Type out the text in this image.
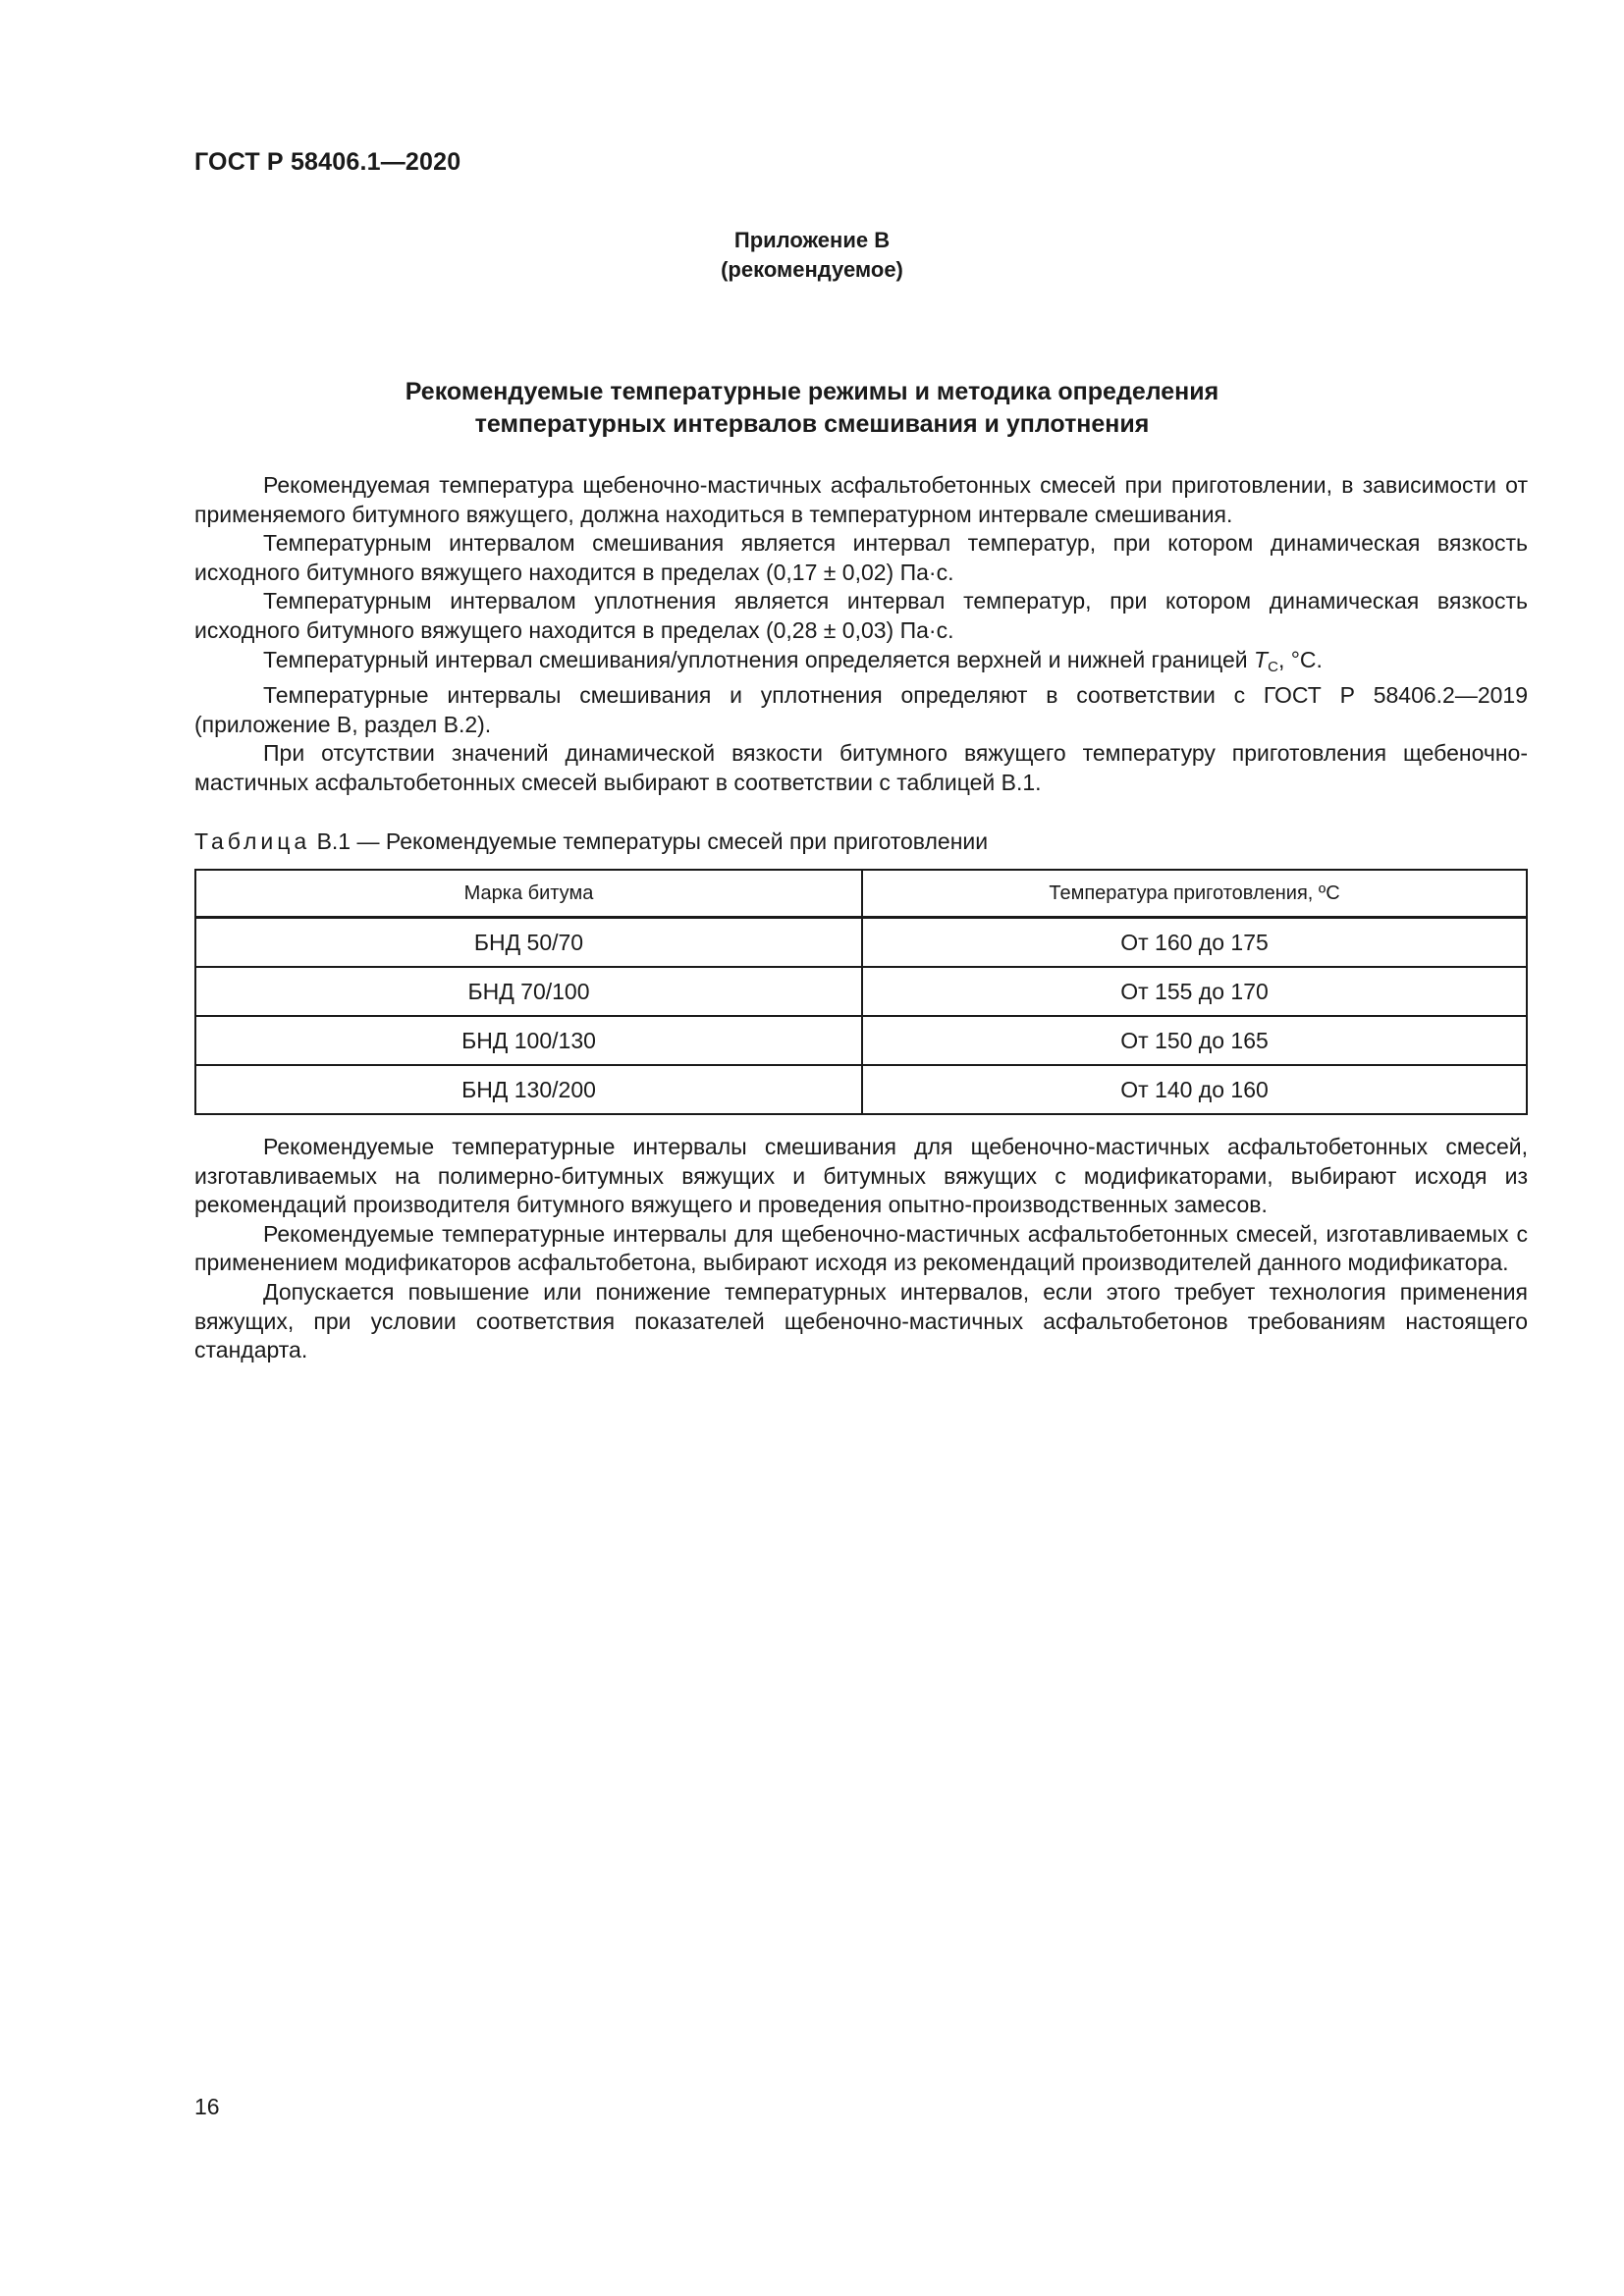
ГОСТ Р 58406.1—2020
Приложение В
(рекомендуемое)
Рекомендуемые температурные режимы и методика определения
температурных интервалов смешивания и уплотнения

Рекомендуемая температура щебеночно-мастичных асфальтобетонных смесей при приготовлении, в зависимости от применяемого битумного вяжущего, должна находиться в температурном интервале смешивания.

Температурным интервалом смешивания является интервал температур, при котором динамическая вязкость исходного битумного вяжущего находится в пределах (0,17 ± 0,02) Па·с.

Температурным интервалом уплотнения является интервал температур, при котором динамическая вязкость исходного битумного вяжущего находится в пределах (0,28 ± 0,03) Па·с.

Температурный интервал смешивания/уплотнения определяется верхней и нижней границей $T_C$, °С.

Температурные интервалы смешивания и уплотнения определяют в соответствии с ГОСТ Р 58406.2—2019 (приложение В, раздел В.2).

При отсутствии значений динамической вязкости битумного вяжущего температуру приготовления щебеночно-мастичных асфальтобетонных смесей выбирают в соответствии с таблицей В.1.

Таблица В.1 — Рекомендуемые температуры смесей при приготовлении
Марка битума	Температура приготовления, ºС
БНД 50/70	От 160 до 175
БНД 70/100	От 155 до 170
БНД 100/130	От 150 до 165
БНД 130/200	От 140 до 160

Рекомендуемые температурные интервалы смешивания для щебеночно-мастичных асфальтобетонных смесей, изготавливаемых на полимерно-битумных вяжущих и битумных вяжущих с модификаторами, выбирают исходя из рекомендаций производителя битумного вяжущего и проведения опытно-производственных замесов.

Рекомендуемые температурные интервалы для щебеночно-мастичных асфальтобетонных смесей, изготавливаемых с применением модификаторов асфальтобетона, выбирают исходя из рекомендаций производителей данного модификатора.

Допускается повышение или понижение температурных интервалов, если этого требует технология применения вяжущих, при условии соответствия показателей щебеночно-мастичных асфальтобетонов требованиям настоящего стандарта.

16
